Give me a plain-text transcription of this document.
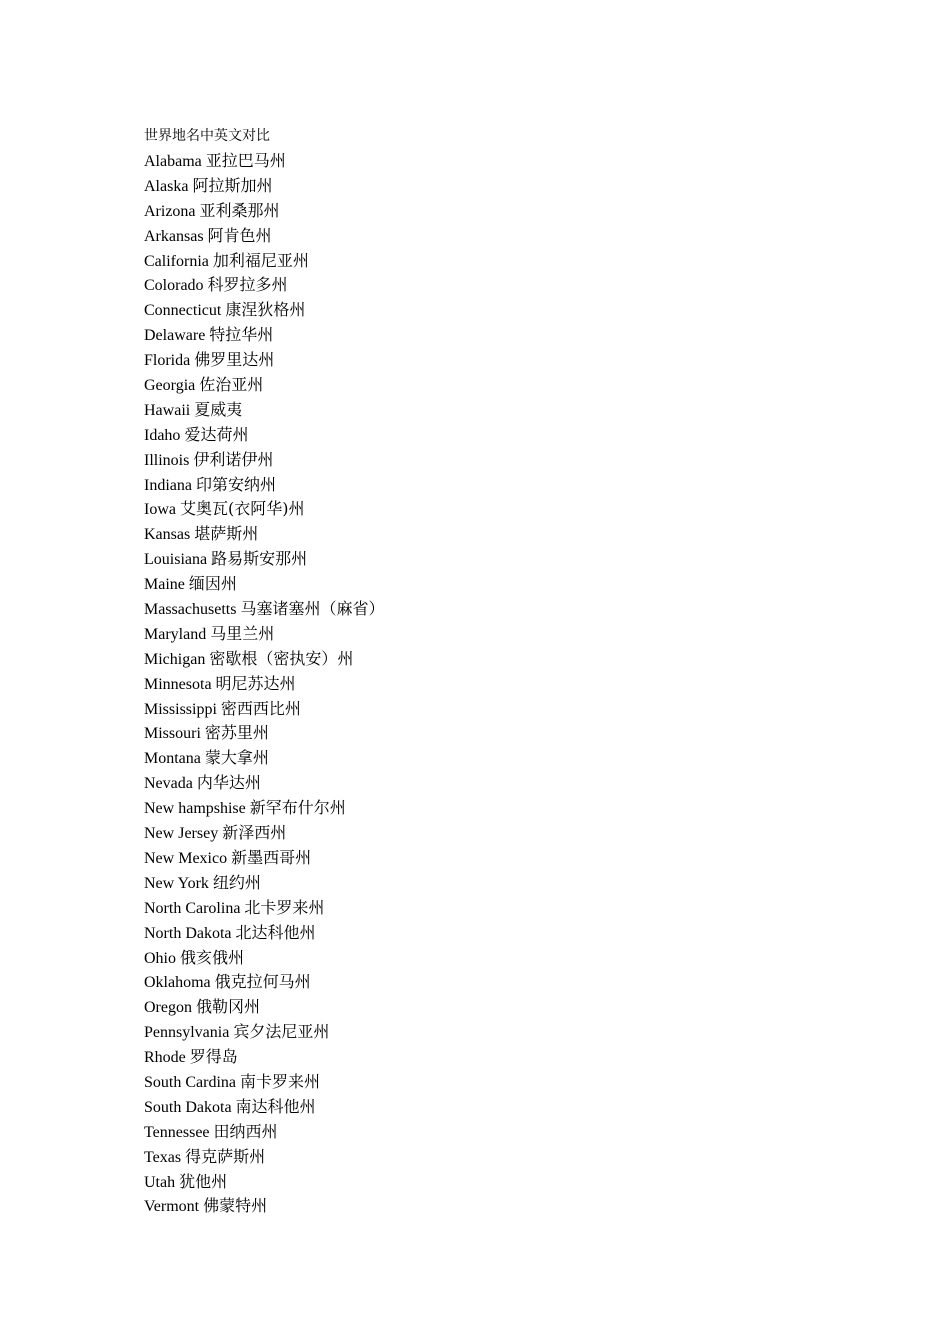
世界地名中英文对比
Alabama 亚拉巴马州
Alaska 阿拉斯加州
Arizona 亚利桑那州
Arkansas 阿肯色州
California 加利福尼亚州
Colorado 科罗拉多州
Connecticut 康涅狄格州
Delaware 特拉华州
Florida 佛罗里达州
Georgia 佐治亚州
Hawaii 夏威夷
Idaho 爱达荷州
Illinois 伊利诺伊州
Indiana 印第安纳州
Iowa 艾奥瓦(衣阿华)州
Kansas 堪萨斯州
Louisiana 路易斯安那州
Maine 缅因州
Massachusetts 马塞诸塞州（麻省）
Maryland 马里兰州
Michigan 密歇根（密执安）州
Minnesota 明尼苏达州
Mississippi 密西西比州
Missouri 密苏里州
Montana 蒙大拿州
Nevada 内华达州
New hampshise 新罕布什尔州
New Jersey 新泽西州
New Mexico 新墨西哥州
New York 纽约州
North Carolina 北卡罗来州
North Dakota 北达科他州
Ohio 俄亥俄州
Oklahoma 俄克拉何马州
Oregon 俄勒冈州
Pennsylvania 宾夕法尼亚州
Rhode 罗得岛
South Cardina 南卡罗来州
South Dakota 南达科他州
Tennessee 田纳西州
Texas 得克萨斯州
Utah 犹他州
Vermont 佛蒙特州
